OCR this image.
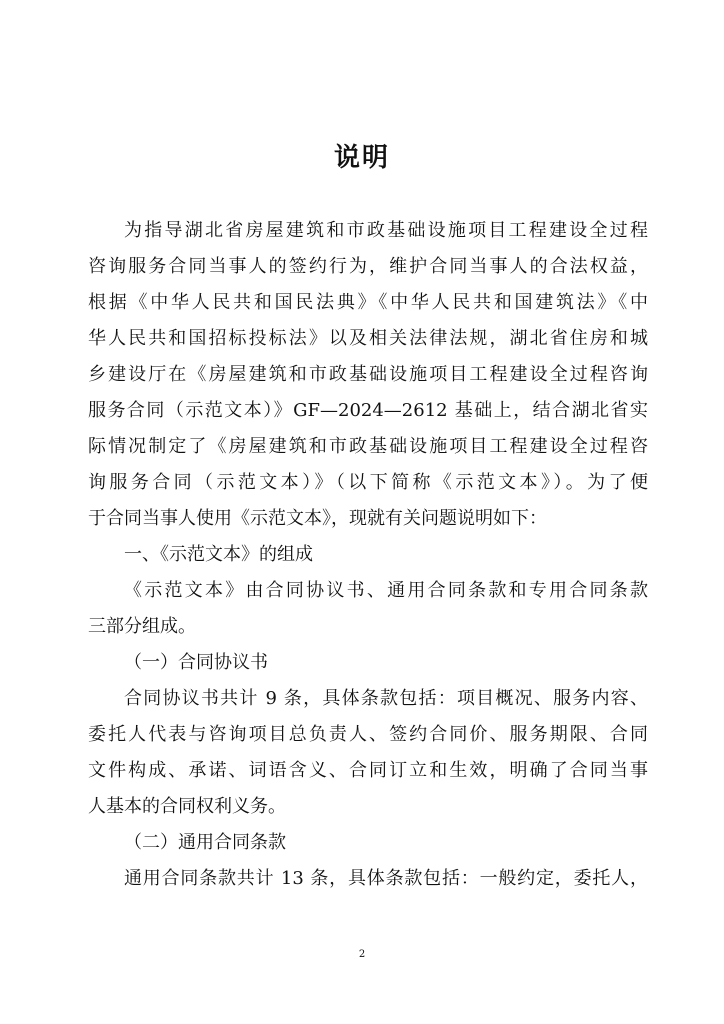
说明
为指导湖北省房屋建筑和市政基础设施项目工程建设全过程
咨询服务合同当事人的签约行为，维护合同当事人的合法权益，
根据《中华人民共和国民法典》《中华人民共和国建筑法》《中
华人民共和国招标投标法》以及相关法律法规，湖北省住房和城
乡建设厅在《房屋建筑和市政基础设施项目工程建设全过程咨询
服务合同（示范文本）》GF—2024—2612 基础上，结合湖北省实
际情况制定了《房屋建筑和市政基础设施项目工程建设全过程咨
询服务合同（示范文本）》（以下简称《示范文本》）。为了便
于合同当事人使用《示范文本》，现就有关问题说明如下：
一、《示范文本》的组成
《示范文本》由合同协议书、通用合同条款和专用合同条款
三部分组成。
（一）合同协议书
合同协议书共计 9 条，具体条款包括：项目概况、服务内容、
委托人代表与咨询项目总负责人、签约合同价、服务期限、合同
文件构成、承诺、词语含义、合同订立和生效，明确了合同当事
人基本的合同权利义务。
（二）通用合同条款
通用合同条款共计 13 条，具体条款包括：一般约定，委托人，
2
